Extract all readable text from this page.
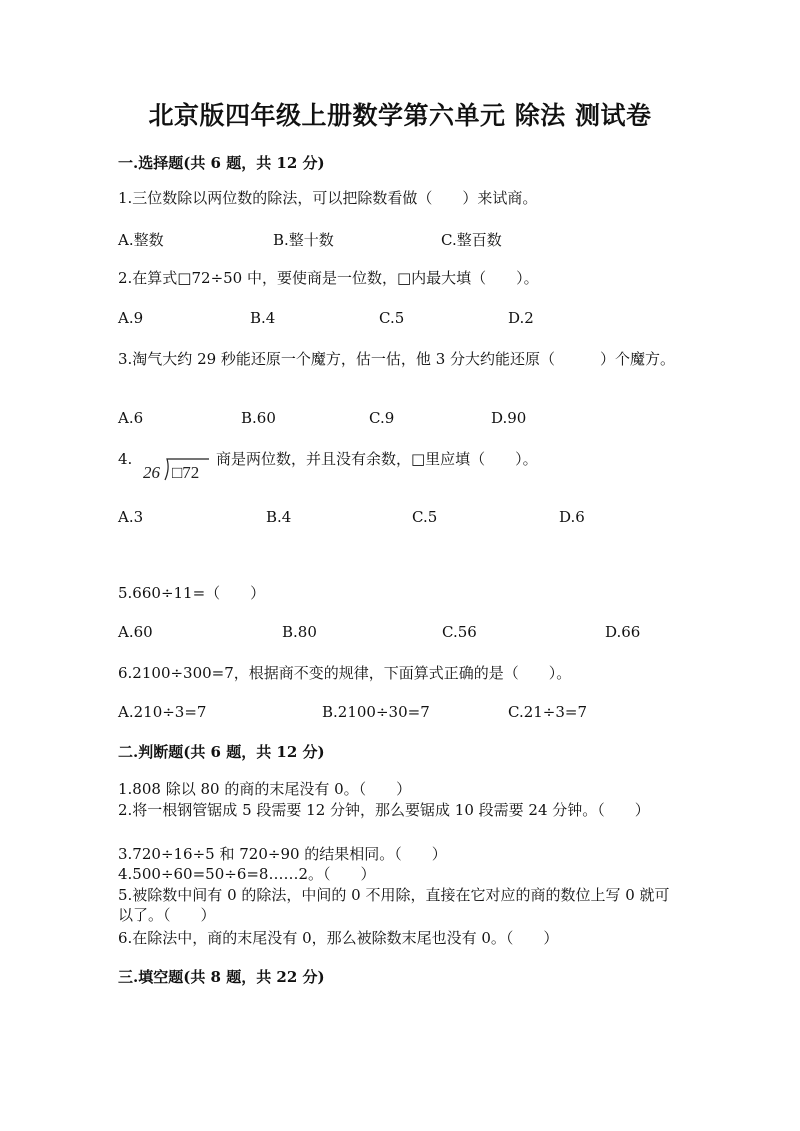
北京版四年级上册数学第六单元 除法 测试卷
一.选择题(共 6 题，共 12 分)
1.三位数除以两位数的除法，可以把除数看做（　　）来试商。
A.整数	B.整十数	C.整百数
2.在算式□72÷50 中，要使商是一位数，□内最大填（　　）。
A.9	B.4	C.5	D.2
3.淘气大约 29 秒能还原一个魔方，估一估，他 3 分大约能还原（　　　）个魔方。
A.6	B.60	C.9	D.90
4.
26 □72
商是两位数，并且没有余数，□里应填（　　）。
A.3	B.4	C.5	D.6
5.660÷11=（　　）
A.60	B.80	C.56	D.66
6.2100÷300=7，根据商不变的规律，下面算式正确的是（　　）。
A.210÷3=7	B.2100÷30=7	C.21÷3=7
二.判断题(共 6 题，共 12 分)
1.808 除以 80 的商的末尾没有 0。（　　）
2.将一根钢管锯成 5 段需要 12 分钟，那么要锯成 10 段需要 24 分钟。（　　）
3.720÷16÷5 和 720÷90 的结果相同。（　　）
4.500÷60=50÷6=8……2。（　　）
5.被除数中间有 0 的除法，中间的 0 不用除，直接在它对应的商的数位上写 0 就可以了。（　　）
6.在除法中，商的末尾没有 0，那么被除数末尾也没有 0。（　　）
三.填空题(共 8 题，共 22 分)
